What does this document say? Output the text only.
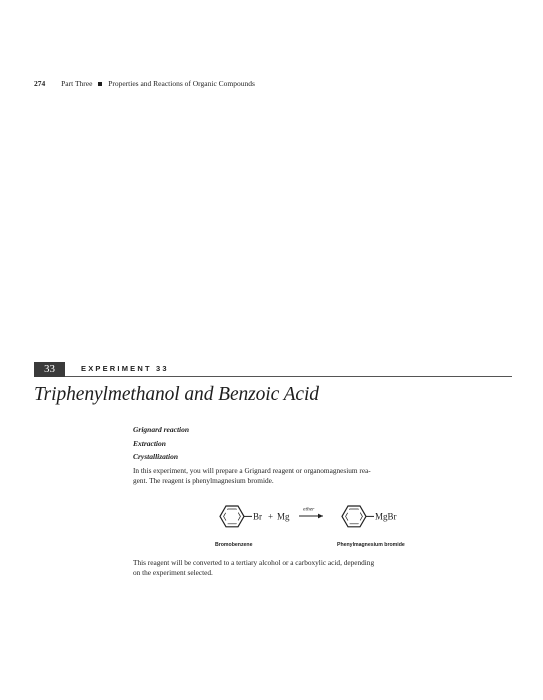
274 Part Three Properties and Reactions of Organic Compounds
33	EXPERIMENT 33
Triphenylmethanol and Benzoic Acid
Grignard reaction
Extraction
Crystallization
In this experiment, you will prepare a Grignard reagent or organomagnesium rea-
gent. The reagent is phenylmagnesium bromide.
Br + Mg
ether
MgBr
Bromobenzene	Phenylmagnesium bromide
This reagent will be converted to a tertiary alcohol or a carboxylic acid, depending
on the experiment selected.
